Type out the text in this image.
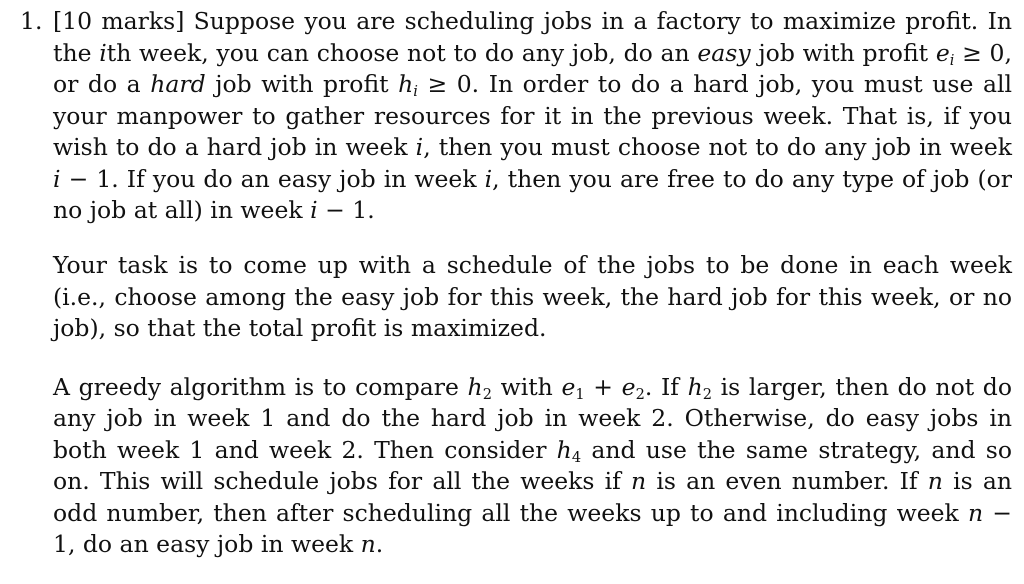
1. [10 marks] Suppose you are scheduling jobs in a factory to maximize profit. In the ith week, you can choose not to do any job, do an easy job with profit $e_i \ge 0$, or do a hard job with profit $h_i \ge 0$. In order to do a hard job, you must use all your manpower to gather resources for it in the previous week. That is, if you wish to do a hard job in week i, then you must choose not to do any job in week i − 1. If you do an easy job in week i, then you are free to do any type of job (or no job at all) in week i − 1.

Your task is to come up with a schedule of the jobs to be done in each week (i.e., choose among the easy job for this week, the hard job for this week, or no job), so that the total profit is maximized.

A greedy algorithm is to compare $h_2$ with $e_1 + e_2$. If $h_2$ is larger, then do not do any job in week 1 and do the hard job in week 2. Otherwise, do easy jobs in both week 1 and week 2. Then consider $h_4$ and use the same strategy, and so on. This will schedule jobs for all the weeks if n is an even number. If n is an odd number, then after scheduling all the weeks up to and including week n − 1, do an easy job in week n.
